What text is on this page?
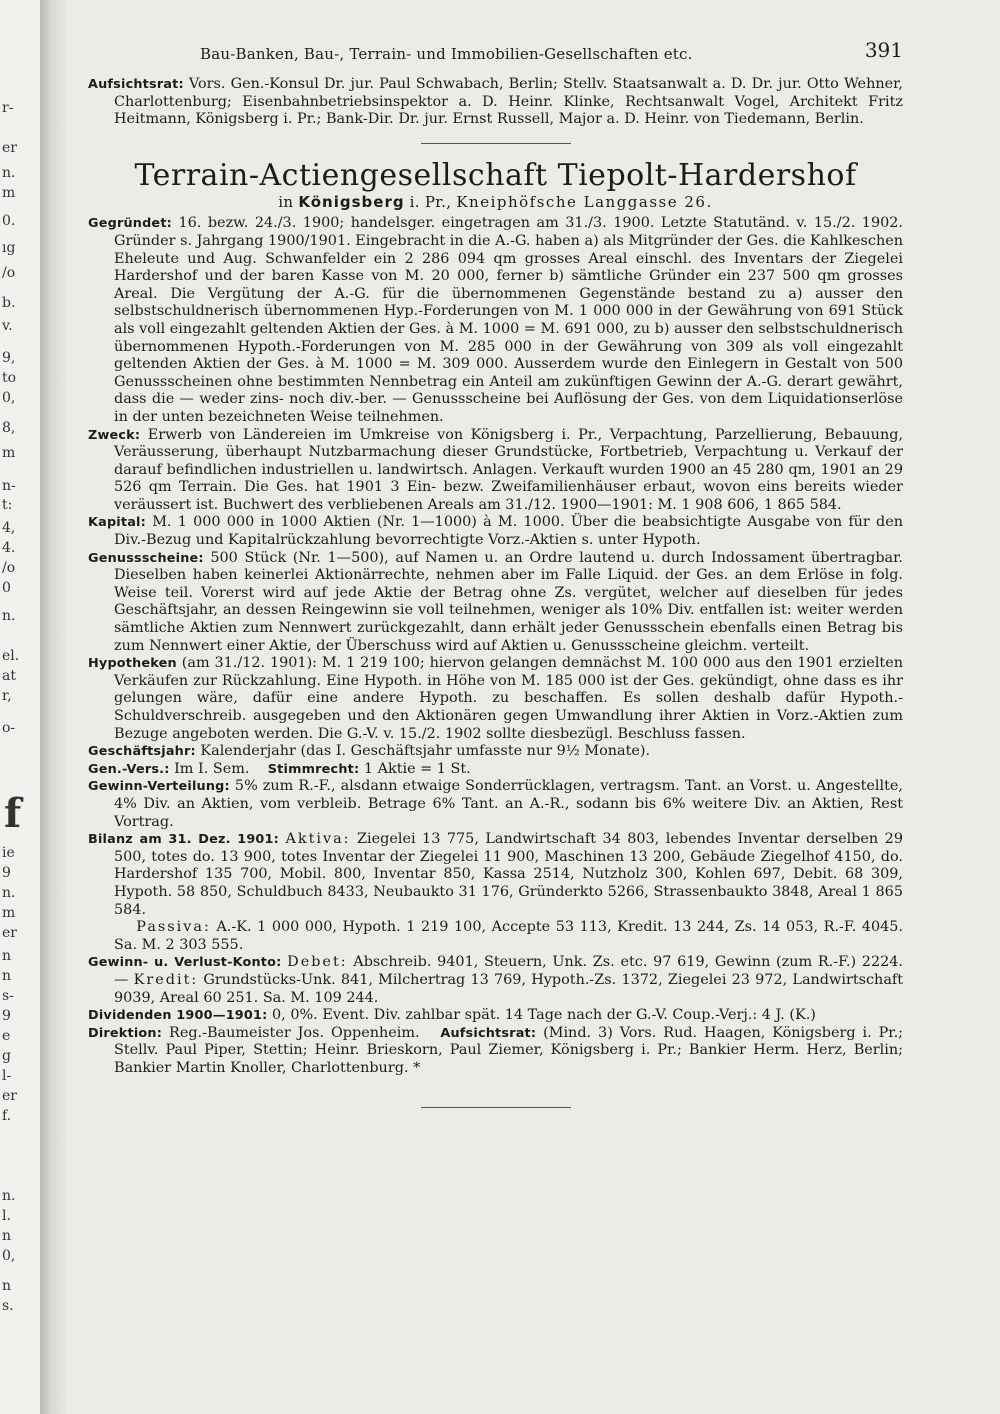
r-
er
n.
m
0.
ıg
/o
b.
v.
9,
to
0,
8,
m
n-
t:
4,
4.
/o
0
n.
el.
at
r,
o-
f
ie
9
n.
m
er
n
n
s-
9
e
g
l-
er
f.
n.
l.
n
0,
n
s.
Bau-Banken, Bau-, Terrain- und Immobilien-Gesellschaften etc.	391

Aufsichtsrat: Vors. Gen.-Konsul Dr. jur. Paul Schwabach, Berlin; Stellv. Staatsanwalt a. D. Dr. jur. Otto Wehner, Charlottenburg; Eisenbahnbetriebsinspektor a. D. Heinr. Klinke, Rechtsanwalt Vogel, Architekt Fritz Heitmann, Königsberg i. Pr.; Bank-Dir. Dr. jur. Ernst Russell, Major a. D. Heinr. von Tiedemann, Berlin.

Terrain-Actiengesellschaft Tiepolt-Hardershof
in Königsberg i. Pr., Kneiphöfsche Langgasse 26.

Gegründet: 16. bezw. 24./3. 1900; handelsger. eingetragen am 31./3. 1900. Letzte Statutänd. v. 15./2. 1902. Gründer s. Jahrgang 1900/1901. Eingebracht in die A.-G. haben a) als Mitgründer der Ges. die Kahlkeschen Eheleute und Aug. Schwanfelder ein 2 286 094 qm grosses Areal einschl. des Inventars der Ziegelei Hardershof und der baren Kasse von M. 20 000, ferner b) sämtliche Gründer ein 237 500 qm grosses Areal. Die Vergütung der A.-G. für die übernommenen Gegenstände bestand zu a) ausser den selbstschuldnerisch übernommenen Hyp.-Forderungen von M. 1 000 000 in der Gewährung von 691 Stück als voll eingezahlt geltenden Aktien der Ges. à M. 1000 = M. 691 000, zu b) ausser den selbstschuldnerisch übernommenen Hypoth.-Forderungen von M. 285 000 in der Gewährung von 309 als voll eingezahlt geltenden Aktien der Ges. à M. 1000 = M. 309 000. Ausserdem wurde den Einlegern in Gestalt von 500 Genussscheinen ohne bestimmten Nennbetrag ein Anteil am zukünftigen Gewinn der A.-G. derart gewährt, dass die — weder zins- noch div.-ber. — Genussscheine bei Auflösung der Ges. von dem Liquidationserlöse in der unten bezeichneten Weise teilnehmen.

Zweck: Erwerb von Ländereien im Umkreise von Königsberg i. Pr., Verpachtung, Parzellierung, Bebauung, Veräusserung, überhaupt Nutzbarmachung dieser Grundstücke, Fortbetrieb, Verpachtung u. Verkauf der darauf befindlichen industriellen u. landwirtsch. Anlagen. Verkauft wurden 1900 an 45 280 qm, 1901 an 29 526 qm Terrain. Die Ges. hat 1901 3 Ein- bezw. Zweifamilienhäuser erbaut, wovon eins bereits wieder veräussert ist. Buchwert des verbliebenen Areals am 31./12. 1900—1901: M. 1 908 606, 1 865 584.

Kapital: M. 1 000 000 in 1000 Aktien (Nr. 1—1000) à M. 1000. Über die beabsichtigte Ausgabe von für den Div.-Bezug und Kapitalrückzahlung bevorrechtigte Vorz.-Aktien s. unter Hypoth.

Genussscheine: 500 Stück (Nr. 1—500), auf Namen u. an Ordre lautend u. durch Indossament übertragbar. Dieselben haben keinerlei Aktionärrechte, nehmen aber im Falle Liquid. der Ges. an dem Erlöse in folg. Weise teil. Vorerst wird auf jede Aktie der Betrag ohne Zs. vergütet, welcher auf dieselben für jedes Geschäftsjahr, an dessen Reingewinn sie voll teilnehmen, weniger als 10% Div. entfallen ist: weiter werden sämtliche Aktien zum Nennwert zurückgezahlt, dann erhält jeder Genussschein ebenfalls einen Betrag bis zum Nennwert einer Aktie, der Überschuss wird auf Aktien u. Genussscheine gleichm. verteilt.

Hypotheken (am 31./12. 1901): M. 1 219 100; hiervon gelangen demnächst M. 100 000 aus den 1901 erzielten Verkäufen zur Rückzahlung. Eine Hypoth. in Höhe von M. 185 000 ist der Ges. gekündigt, ohne dass es ihr gelungen wäre, dafür eine andere Hypoth. zu beschaffen. Es sollen deshalb dafür Hypoth.-Schuldverschreib. ausgegeben und den Aktionären gegen Umwandlung ihrer Aktien in Vorz.-Aktien zum Bezuge angeboten werden. Die G.-V. v. 15./2. 1902 sollte diesbezügl. Beschluss fassen.

Geschäftsjahr: Kalenderjahr (das I. Geschäftsjahr umfasste nur 9½ Monate).

Gen.-Vers.: Im I. Sem. Stimmrecht: 1 Aktie = 1 St.

Gewinn-Verteilung: 5% zum R.-F., alsdann etwaige Sonderrücklagen, vertragsm. Tant. an Vorst. u. Angestellte, 4% Div. an Aktien, vom verbleib. Betrage 6% Tant. an A.-R., sodann bis 6% weitere Div. an Aktien, Rest Vortrag.

Bilanz am 31. Dez. 1901: Aktiva: Ziegelei 13 775, Landwirtschaft 34 803, lebendes Inventar derselben 29 500, totes do. 13 900, totes Inventar der Ziegelei 11 900, Maschinen 13 200, Gebäude Ziegelhof 4150, do. Hardershof 135 700, Mobil. 800, Inventar 850, Kassa 2514, Nutzholz 300, Kohlen 697, Debit. 68 309, Hypoth. 58 850, Schuldbuch 8433, Neubaukto 31 176, Gründerkto 5266, Strassenbaukto 3848, Areal 1 865 584.

Passiva: A.-K. 1 000 000, Hypoth. 1 219 100, Accepte 53 113, Kredit. 13 244, Zs. 14 053, R.-F. 4045. Sa. M. 2 303 555.

Gewinn- u. Verlust-Konto: Debet: Abschreib. 9401, Steuern, Unk. Zs. etc. 97 619, Gewinn (zum R.-F.) 2224. — Kredit: Grundstücks-Unk. 841, Milchertrag 13 769, Hypoth.-Zs. 1372, Ziegelei 23 972, Landwirtschaft 9039, Areal 60 251. Sa. M. 109 244.

Dividenden 1900—1901: 0, 0%. Event. Div. zahlbar spät. 14 Tage nach der G.-V. Coup.-Verj.: 4 J. (K.)

Direktion: Reg.-Baumeister Jos. Oppenheim. Aufsichtsrat: (Mind. 3) Vors. Rud. Haagen, Königsberg i. Pr.; Stellv. Paul Piper, Stettin; Heinr. Brieskorn, Paul Ziemer, Königsberg i. Pr.; Bankier Herm. Herz, Berlin; Bankier Martin Knoller, Charlottenburg. *
